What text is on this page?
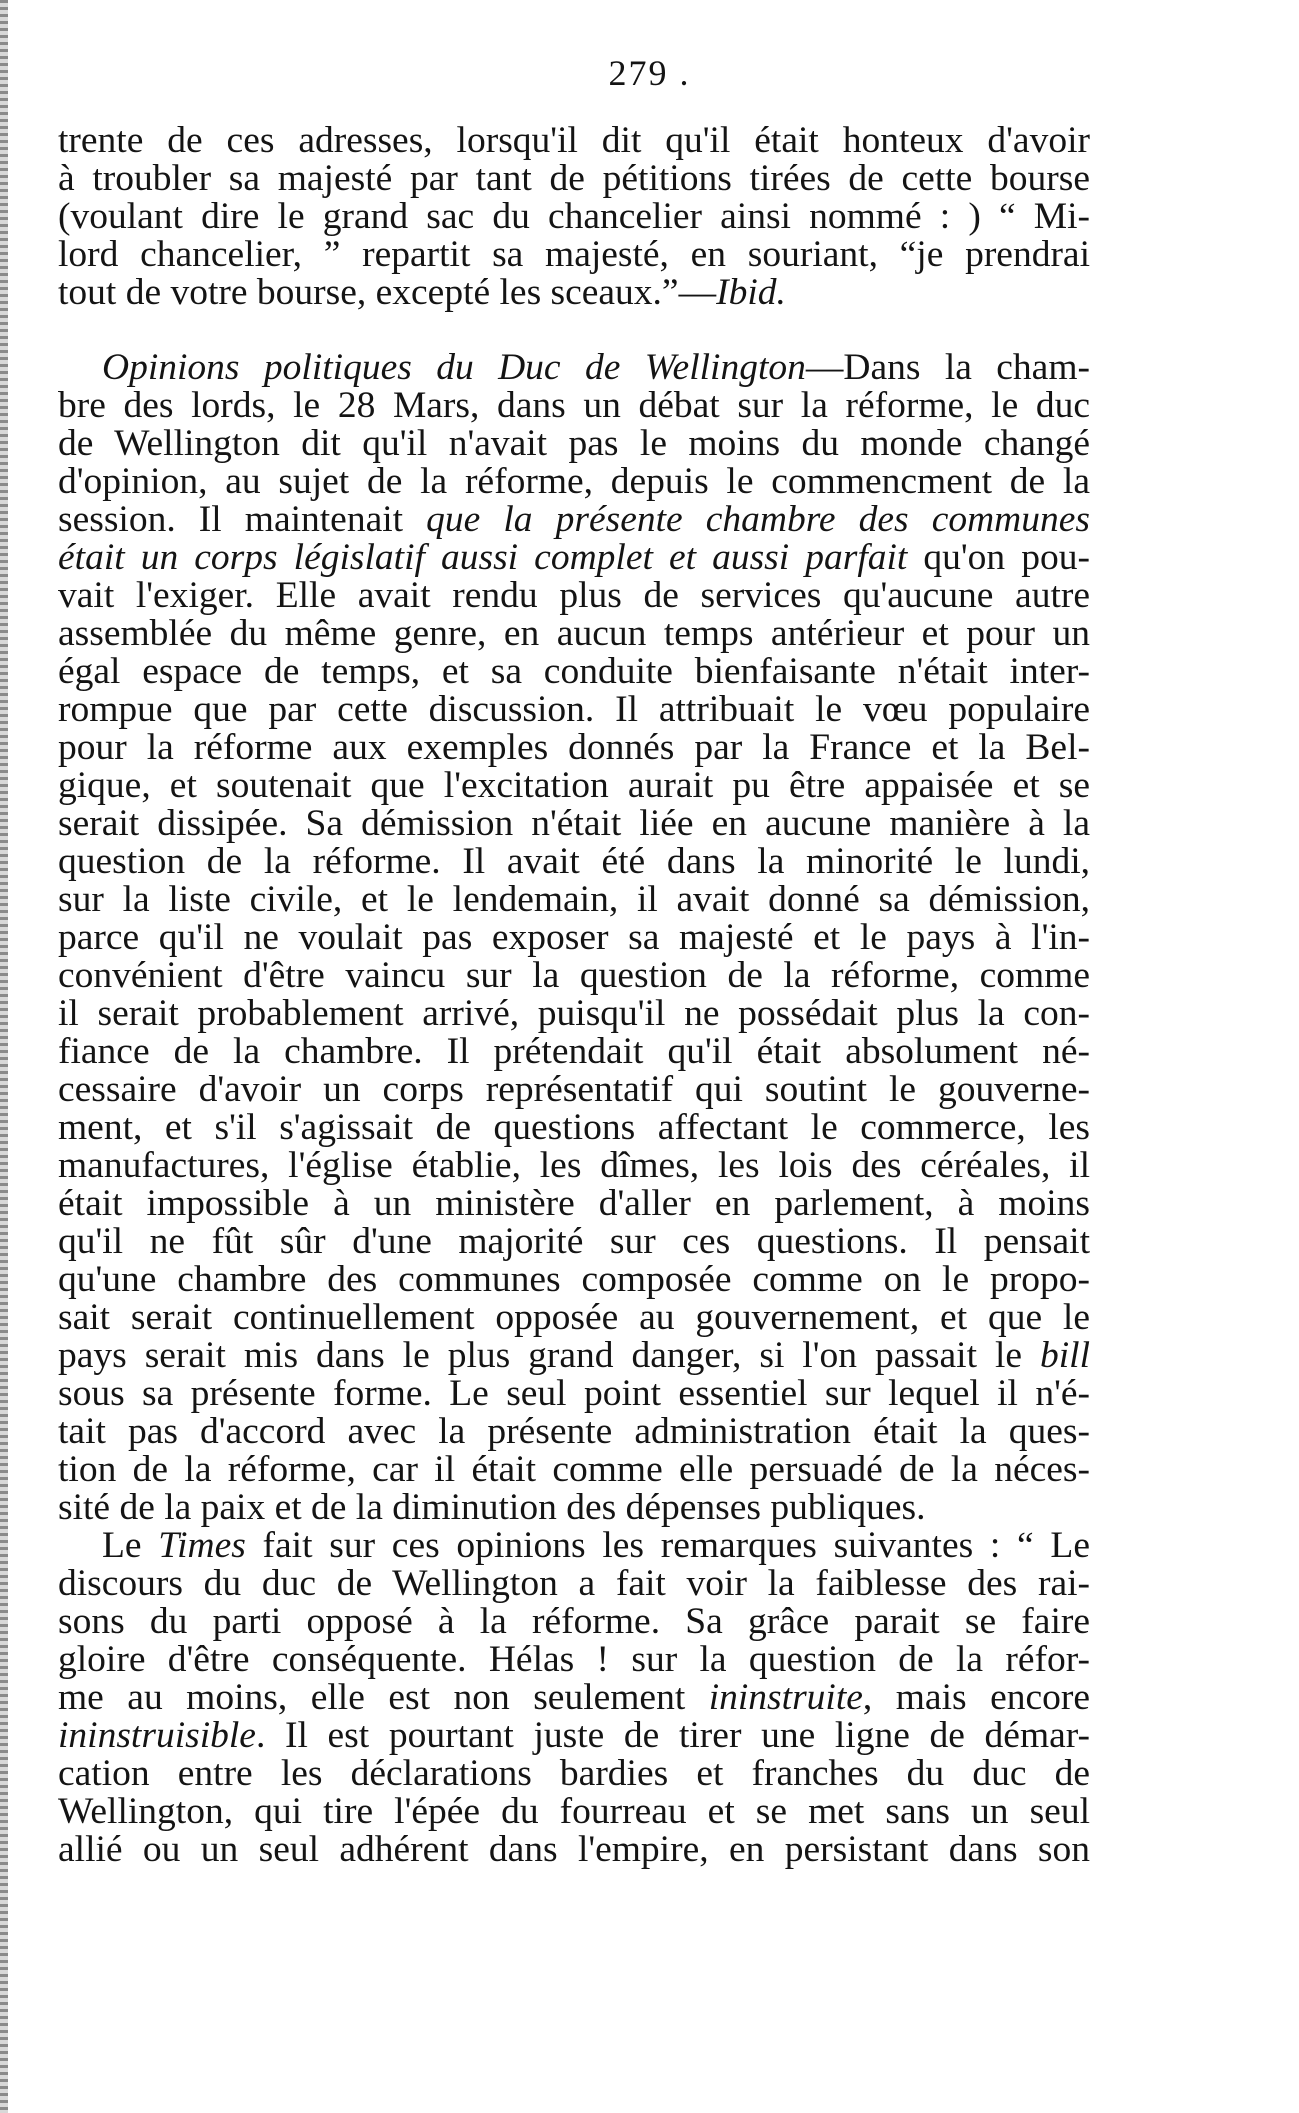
279 .
trente de ces adresses, lorsqu'il dit qu'il était honteux d'avoir
à troubler sa majesté par tant de pétitions tirées de cette bourse
(voulant dire le grand sac du chancelier ainsi nommé : ) “ Mi-
lord chancelier, ” repartit sa majesté, en souriant, “je prendrai
tout de votre bourse, excepté les sceaux.”—Ibid.
Opinions politiques du Duc de Wellington—Dans la cham-
bre des lords, le 28 Mars, dans un débat sur la réforme, le duc
de Wellington dit qu'il n'avait pas le moins du monde changé
d'opinion, au sujet de la réforme, depuis le commencment de la
session. Il maintenait que la présente chambre des communes
était un corps législatif aussi complet et aussi parfait qu'on pou-
vait l'exiger. Elle avait rendu plus de services qu'aucune autre
assemblée du même genre, en aucun temps antérieur et pour un
égal espace de temps, et sa conduite bienfaisante n'était inter-
rompue que par cette discussion. Il attribuait le vœu populaire
pour la réforme aux exemples donnés par la France et la Bel-
gique, et soutenait que l'excitation aurait pu être appaisée et se
serait dissipée. Sa démission n'était liée en aucune manière à la
question de la réforme. Il avait été dans la minorité le lundi,
sur la liste civile, et le lendemain, il avait donné sa démission,
parce qu'il ne voulait pas exposer sa majesté et le pays à l'in-
convénient d'être vaincu sur la question de la réforme, comme
il serait probablement arrivé, puisqu'il ne possédait plus la con-
fiance de la chambre. Il prétendait qu'il était absolument né-
cessaire d'avoir un corps représentatif qui soutint le gouverne-
ment, et s'il s'agissait de questions affectant le commerce, les
manufactures, l'église établie, les dîmes, les lois des céréales, il
était impossible à un ministère d'aller en parlement, à moins
qu'il ne fût sûr d'une majorité sur ces questions. Il pensait
qu'une chambre des communes composée comme on le propo-
sait serait continuellement opposée au gouvernement, et que le
pays serait mis dans le plus grand danger, si l'on passait le bill
sous sa présente forme. Le seul point essentiel sur lequel il n'é-
tait pas d'accord avec la présente administration était la ques-
tion de la réforme, car il était comme elle persuadé de la néces-
sité de la paix et de la diminution des dépenses publiques.
Le Times fait sur ces opinions les remarques suivantes : “ Le
discours du duc de Wellington a fait voir la faiblesse des rai-
sons du parti opposé à la réforme. Sa grâce parait se faire
gloire d'être conséquente. Hélas ! sur la question de la réfor-
me au moins, elle est non seulement ininstruite, mais encore
ininstruisible. Il est pourtant juste de tirer une ligne de démar-
cation entre les déclarations bardies et franches du duc de
Wellington, qui tire l'épée du fourreau et se met sans un seul
allié ou un seul adhérent dans l'empire, en persistant dans son
